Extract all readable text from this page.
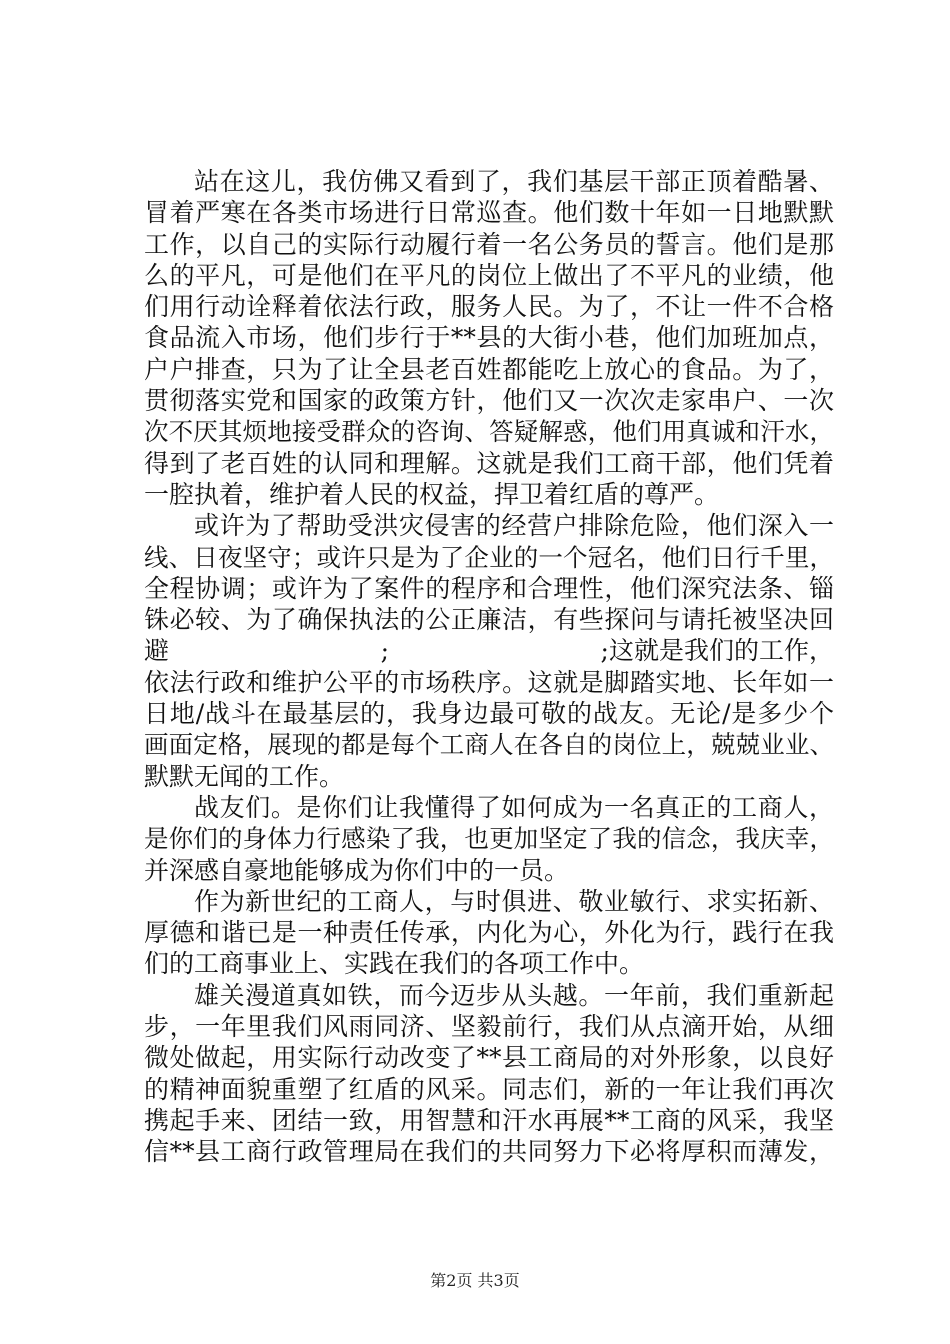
站在这儿，我仿佛又看到了，我们基层干部正顶着酷暑、
冒着严寒在各类市场进行日常巡查。他们数十年如一日地默默
工作，以自己的实际行动履行着一名公务员的誓言。他们是那
么的平凡，可是他们在平凡的岗位上做出了不平凡的业绩，他
们用行动诠释着依法行政，服务人民。为了，不让一件不合格
食品流入市场，他们步行于**县的大街小巷，他们加班加点，
户户排查，只为了让全县老百姓都能吃上放心的食品。为了，
贯彻落实党和国家的政策方针，他们又一次次走家串户、一次
次不厌其烦地接受群众的咨询、答疑解惑，他们用真诚和汗水，
得到了老百姓的认同和理解。这就是我们工商干部，他们凭着
一腔执着，维护着人民的权益，捍卫着红盾的尊严。
或许为了帮助受洪灾侵害的经营户排除危险，他们深入一
线、日夜坚守；或许只是为了企业的一个冠名，他们日行千里，
全程协调；或许为了案件的程序和合理性，他们深究法条、锱
铢必较、为了确保执法的公正廉洁，有些探问与请托被坚决回
避	;	;这就是我们的工作，
依法行政和维护公平的市场秩序。这就是脚踏实地、长年如一
日地/战斗在最基层的，我身边最可敬的战友。无论/是多少个
画面定格，展现的都是每个工商人在各自的岗位上，兢兢业业、
默默无闻的工作。
战友们。是你们让我懂得了如何成为一名真正的工商人，
是你们的身体力行感染了我，也更加坚定了我的信念，我庆幸，
并深感自豪地能够成为你们中的一员。
作为新世纪的工商人，与时俱进、敬业敏行、求实拓新、
厚德和谐已是一种责任传承，内化为心，外化为行，践行在我
们的工商事业上、实践在我们的各项工作中。
雄关漫道真如铁，而今迈步从头越。一年前，我们重新起
步，一年里我们风雨同济、坚毅前行，我们从点滴开始，从细
微处做起，用实际行动改变了**县工商局的对外形象，以良好
的精神面貌重塑了红盾的风采。同志们，新的一年让我们再次
携起手来、团结一致，用智慧和汗水再展**工商的风采，我坚
信**县工商行政管理局在我们的共同努力下必将厚积而薄发，
第2页 共3页
